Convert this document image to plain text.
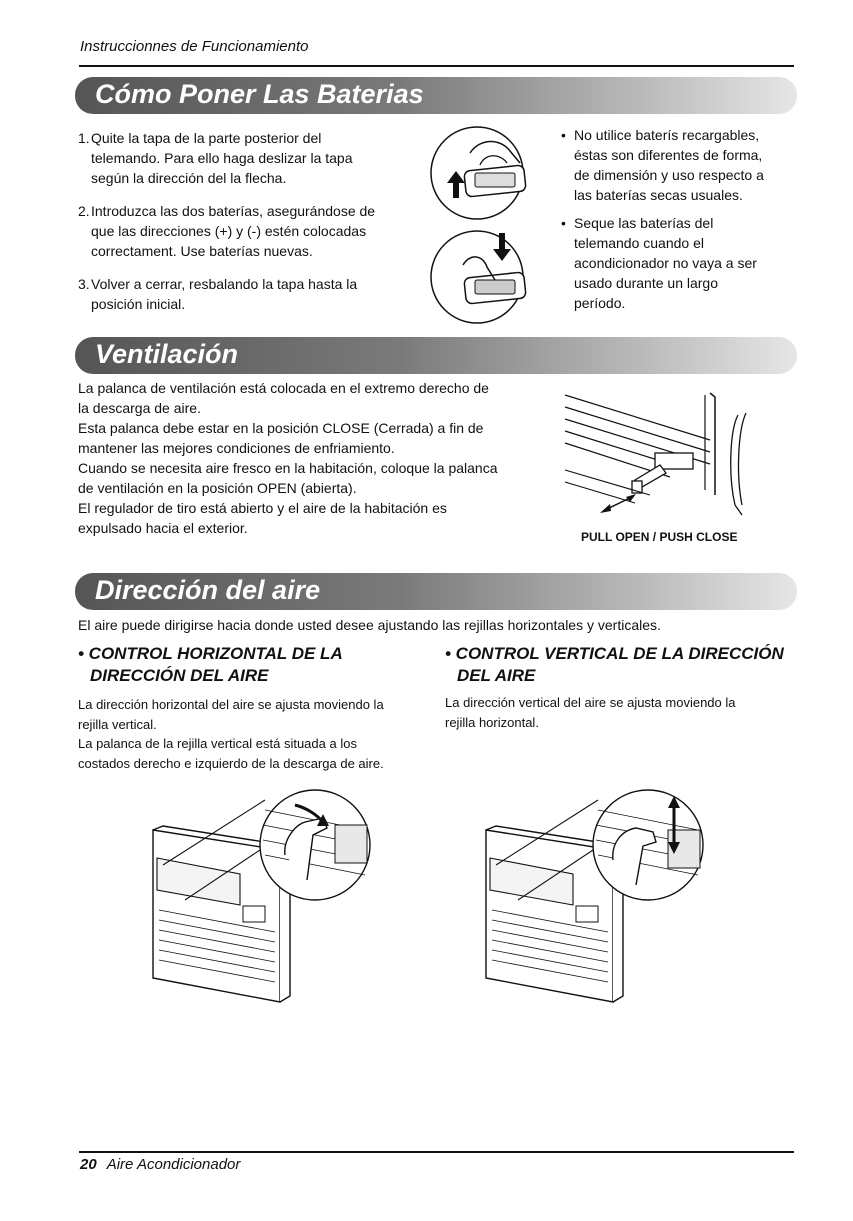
Instruccionnes de Funcionamiento
Cómo Poner Las Baterias
1. Quite la tapa de la parte posterior del
telemando. Para ello haga deslizar la tapa
según la dirección del la flecha.
2. Introduzca las dos baterías, asegurándose de
que las direcciones (+) y (-) estén colocadas
correctament. Use baterías nuevas.
3. Volver a cerrar, resbalando la tapa hasta la
posición inicial.
• No utilice baterís recargables,
éstas son diferentes de forma,
de dimensión y uso respecto a
las baterías secas usuales.
• Seque las baterías del
telemando cuando el
acondicionador no vaya a ser
usado durante un largo
período.
Ventilación
La palanca de ventilación está colocada en el extremo derecho de
la descarga de aire.
Esta palanca debe estar en la posición CLOSE (Cerrada) a fin de
mantener las mejores condiciones de enfriamiento.
Cuando se necesita aire fresco en la habitación, coloque la palanca
de ventilación en la posición OPEN (abierta).
El regulador de tiro está abierto y el aire de la habitación es
expulsado hacia el exterior.
PULL OPEN / PUSH CLOSE
Dirección del aire
El aire puede dirigirse hacia donde usted desee ajustando las rejillas horizontales y verticales.
• CONTROL HORIZONTAL DE LA
DIRECCIÓN DEL AIRE
La dirección horizontal del aire se ajusta moviendo la
rejilla vertical.
La palanca de la rejilla vertical está situada a los
costados derecho e izquierdo de la descarga de aire.
• CONTROL VERTICAL DE LA DIRECCIÓN
DEL AIRE
La dirección vertical del aire se ajusta moviendo la
rejilla horizontal.
20 Aire Acondicionador
